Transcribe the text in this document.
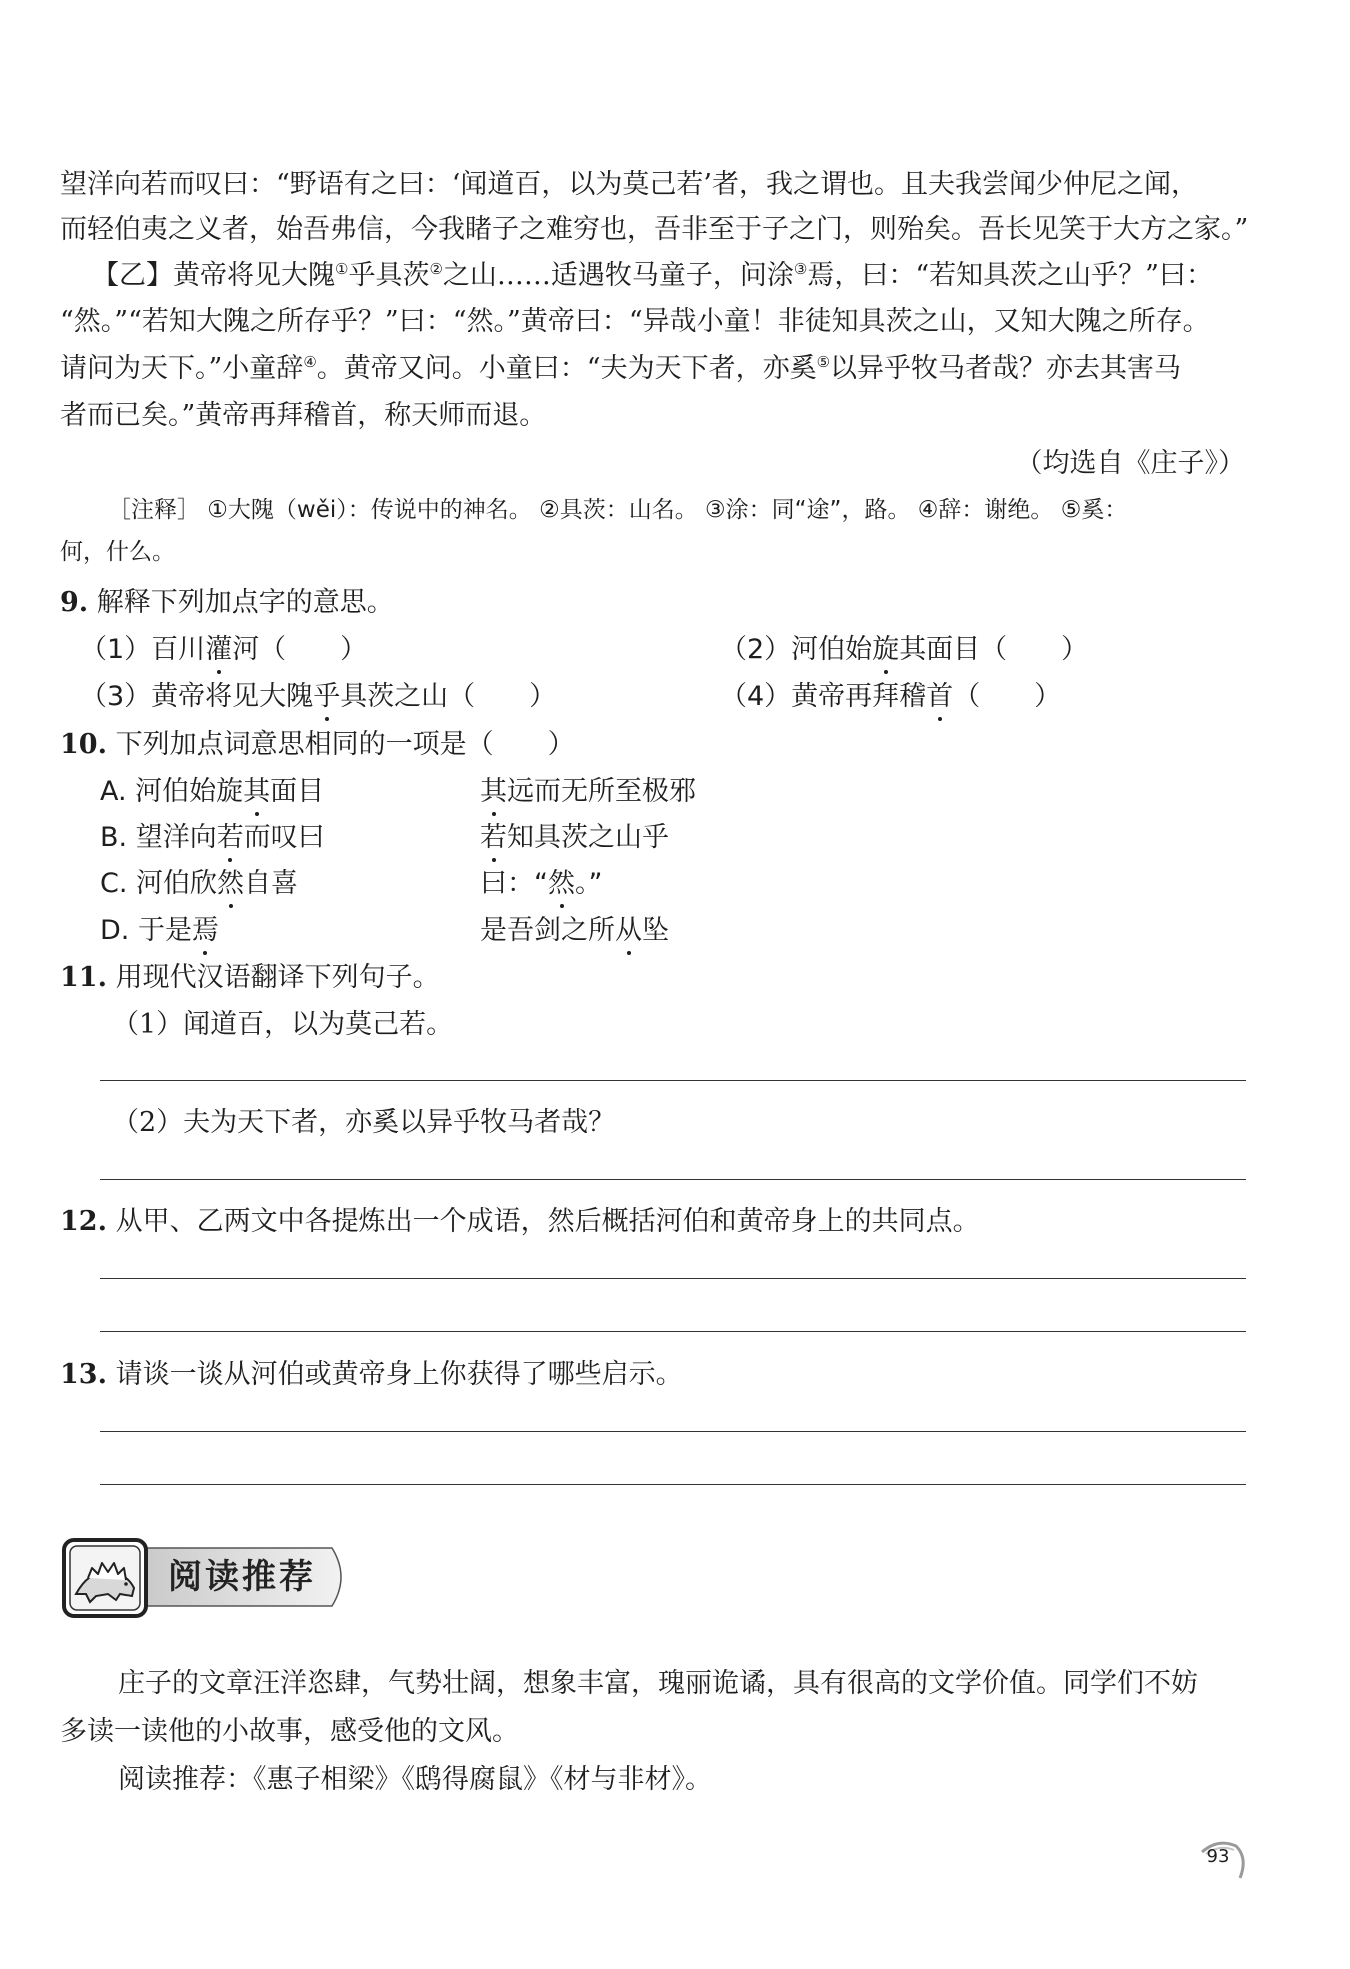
望洋向若而叹曰：“野语有之曰：‘闻道百，以为莫己若’者，我之谓也。且夫我尝闻少仲尼之闻，
而轻伯夷之义者，始吾弗信，今我睹子之难穷也，吾非至于子之门，则殆矣。吾长见笑于大方之家。”
【乙】黄帝将见大隗①乎具茨②之山……适遇牧马童子，问涂③焉，曰：“若知具茨之山乎？”曰：
“然。”“若知大隗之所存乎？”曰：“然。”黄帝曰：“异哉小童！非徒知具茨之山，又知大隗之所存。
请问为天下。”小童辞④。黄帝又问。小童曰：“夫为天下者，亦奚⑤以异乎牧马者哉？亦去其害马
者而已矣。”黄帝再拜稽首，称天师而退。
（均选自《庄子》）
［注释］ ①大隗（wěi）：传说中的神名。 ②具茨：山名。 ③涂：同“途”，路。 ④辞：谢绝。 ⑤奚：
何，什么。
9. 解释下列加点字的意思。
（1）百川灌河（　　）	（2）河伯始旋其面目（　　）
（3）黄帝将见大隗乎具茨之山（　　）	（4）黄帝再拜稽首（　　）
10. 下列加点词意思相同的一项是（　　）
A. 河伯始旋其面目	其远而无所至极邪
B. 望洋向若而叹曰	若知具茨之山乎
C. 河伯欣然自喜	曰：“然。”
D. 于是焉	是吾剑之所从坠
11. 用现代汉语翻译下列句子。
（1）闻道百，以为莫己若。
（2）夫为天下者，亦奚以异乎牧马者哉？
12. 从甲、乙两文中各提炼出一个成语，然后概括河伯和黄帝身上的共同点。
13. 请谈一谈从河伯或黄帝身上你获得了哪些启示。
阅读推荐
庄子的文章汪洋恣肆，气势壮阔，想象丰富，瑰丽诡谲，具有很高的文学价值。同学们不妨
多读一读他的小故事，感受他的文风。
阅读推荐：《惠子相梁》《鸱得腐鼠》《材与非材》。
93
